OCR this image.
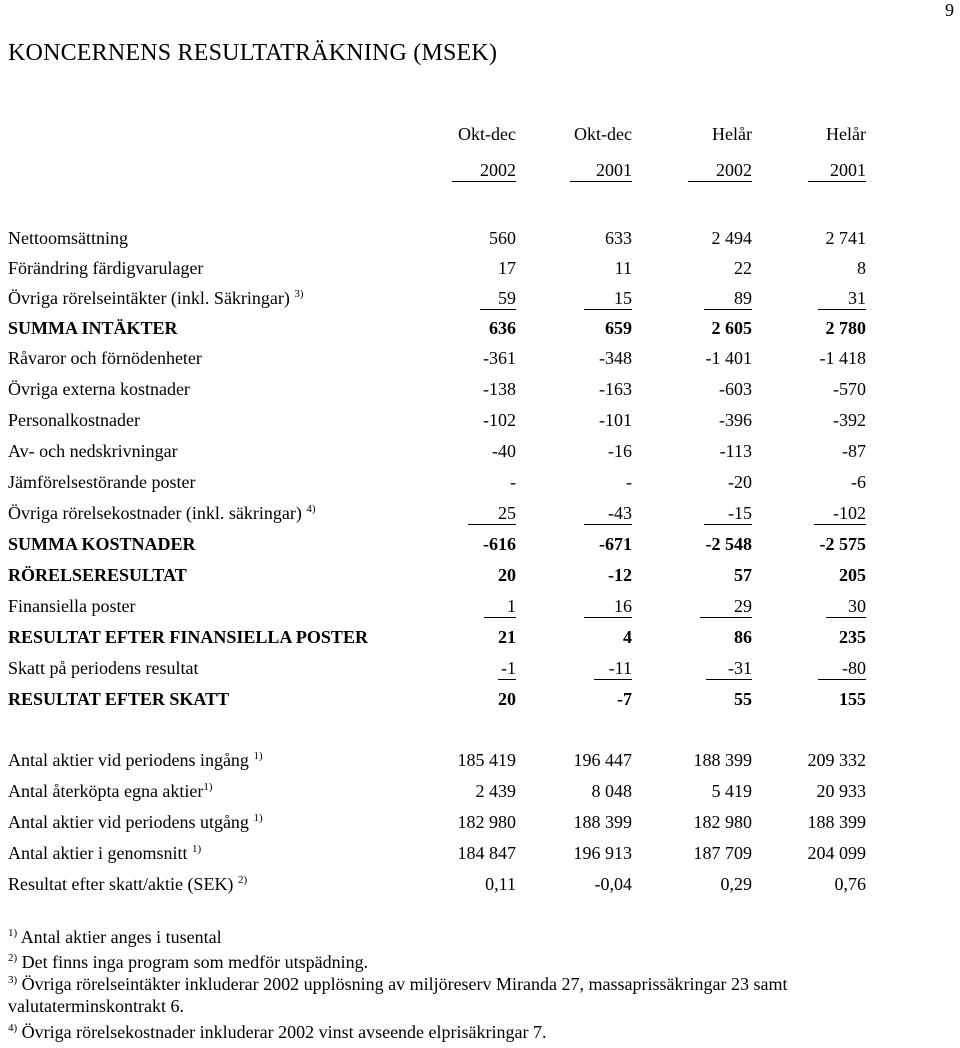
9
KONCERNENS RESULTATRÄKNING (MSEK)
Okt-dec	Okt-dec	Helår	Helår
2002	2001	2002	2001
Nettoomsättning	560	633	2 494	2 741
Förändring färdigvarulager	17	11	22	8
Övriga rörelseintäkter (inkl. Säkringar) $^{3)}$	59	15	89	31
SUMMA INTÄKTER	636	659	2 605	2 780
Råvaror och förnödenheter	-361	-348	-1 401	-1 418
Övriga externa kostnader	-138	-163	-603	-570
Personalkostnader	-102	-101	-396	-392
Av- och nedskrivningar	-40	-16	-113	-87
Jämförelsestörande poster	-	-	-20	-6
Övriga rörelsekostnader (inkl. säkringar) $^{4)}$	25	-43	-15	-102
SUMMA KOSTNADER	-616	-671	-2 548	-2 575
RÖRELSERESULTAT	20	-12	57	205
Finansiella poster	1	16	29	30
RESULTAT EFTER FINANSIELLA POSTER	21	4	86	235
Skatt på periodens resultat	-1	-11	-31	-80
RESULTAT EFTER SKATT	20	-7	55	155
Antal aktier vid periodens ingång $^{1)}$	185 419	196 447	188 399	209 332
Antal återköpta egna aktier$^{1)}$	2 439	8 048	5 419	20 933
Antal aktier vid periodens utgång $^{1)}$	182 980	188 399	182 980	188 399
Antal aktier i genomsnitt $^{1)}$	184 847	196 913	187 709	204 099
Resultat efter skatt/aktie (SEK) $^{2)}$	0,11	-0,04	0,29	0,76
$^{1)}$ Antal aktier anges i tusental
$^{2)}$ Det finns inga program som medför utspädning.
$^{3)}$ Övriga rörelseintäkter inkluderar 2002 upplösning av miljöreserv Miranda 27, massaprissäkringar 23 samt valutaterminskontrakt 6.
$^{4)}$ Övriga rörelsekostnader inkluderar 2002 vinst avseende elprisäkringar 7.
